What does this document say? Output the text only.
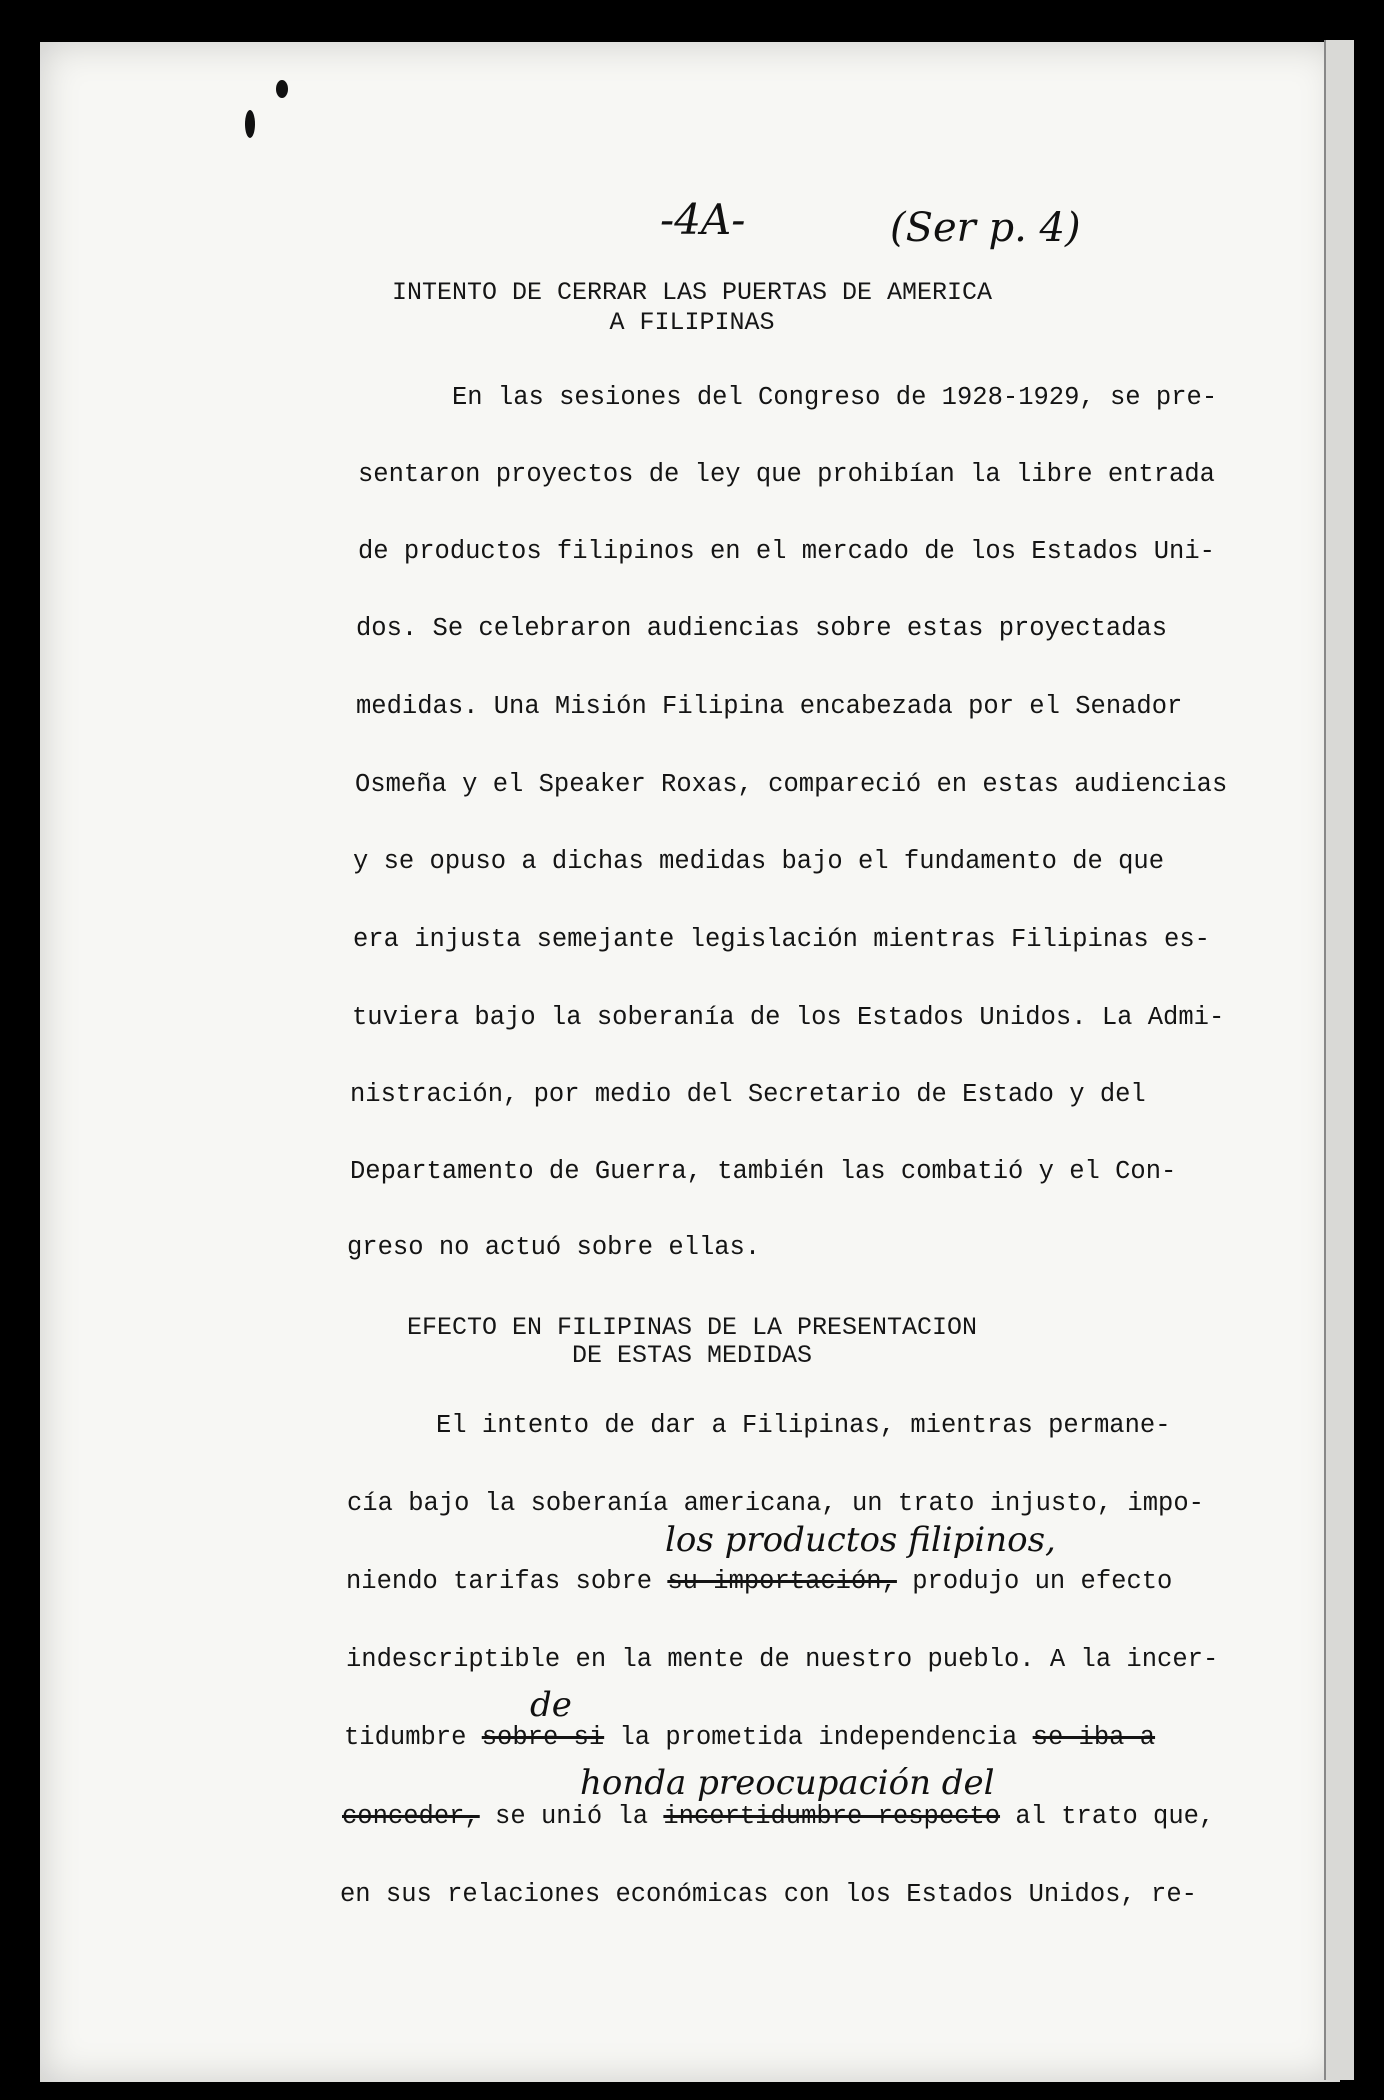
-4A-	(Ser p. 4)
INTENTO DE CERRAR LAS PUERTAS DE AMERICA
A FILIPINAS
En las sesiones del Congreso de 1928-1929, se pre-
sentaron proyectos de ley que prohibían la libre entrada
de productos filipinos en el mercado de los Estados Uni-
dos. Se celebraron audiencias sobre estas proyectadas
medidas. Una Misión Filipina encabezada por el Senador
Osmeña y el Speaker Roxas, compareció en estas audiencias
y se opuso a dichas medidas bajo el fundamento de que
era injusta semejante legislación mientras Filipinas es-
tuviera bajo la soberanía de los Estados Unidos. La Admi-
nistración, por medio del Secretario de Estado y del
Departamento de Guerra, también las combatió y el Con-
greso no actuó sobre ellas.
EFECTO EN FILIPINAS DE LA PRESENTACION
DE ESTAS MEDIDAS
El intento de dar a Filipinas, mientras permane-
cía bajo la soberanía americana, un trato injusto, impo-
los productos filipinos,
niendo tarifas sobre su importación, produjo un efecto
indescriptible en la mente de nuestro pueblo. A la incer-
de
tidumbre sobre si la prometida independencia se iba a
honda preocupación del
conceder, se unió la incertidumbre respecto al trato que,
en sus relaciones económicas con los Estados Unidos, re-
